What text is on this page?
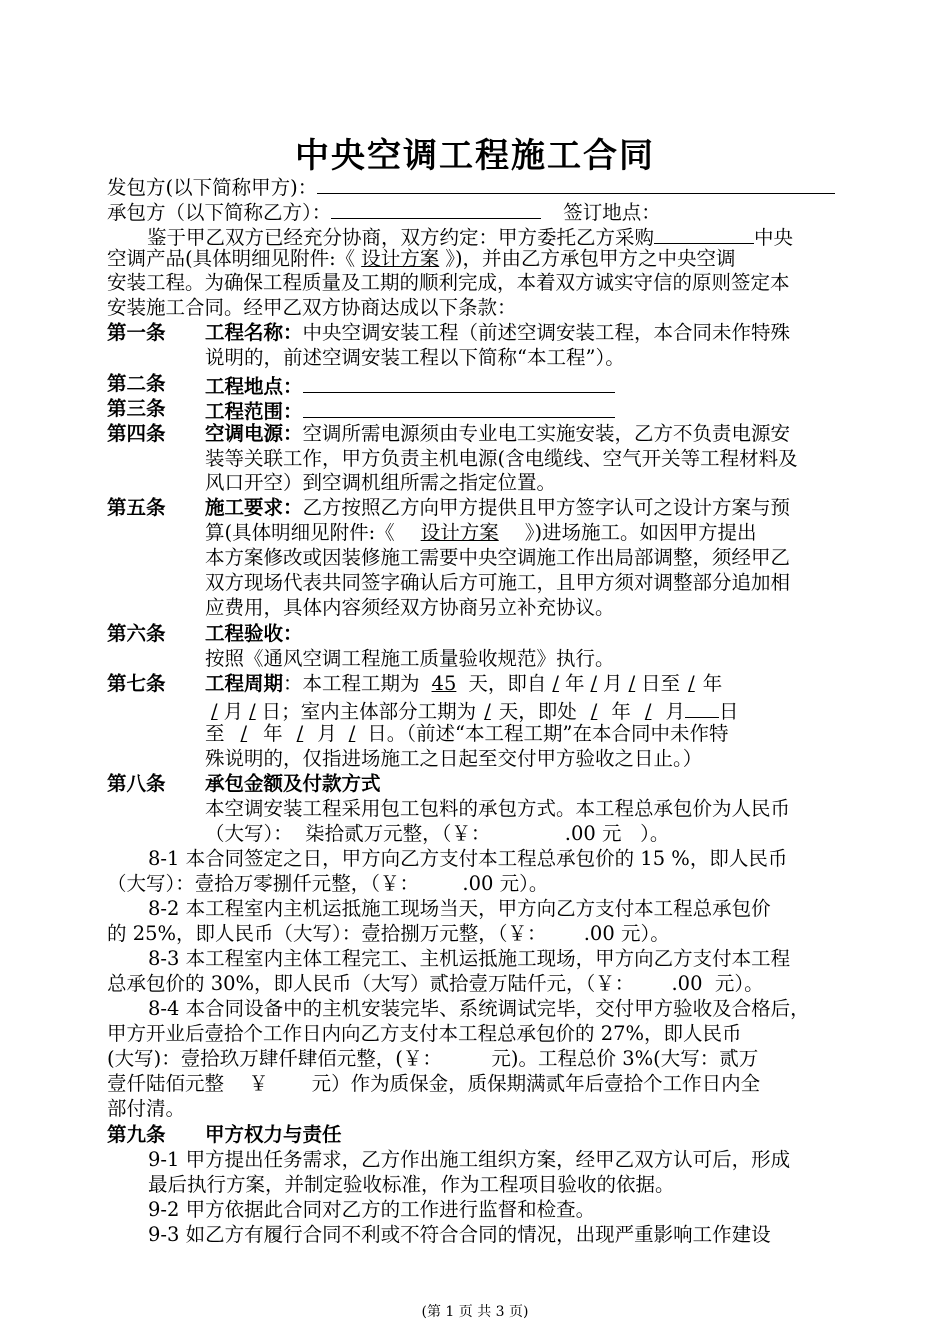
中央空调工程施工合同
发包方(以下简称甲方)：
承包方（以下简称乙方）：	签订地点：
鉴于甲乙双方已经充分协商，双方约定：甲方委托乙方采购	中央
空调产品(具体明细见附件:《 设计方案 》)，并由乙方承包甲方之中央空调
安装工程。为确保工程质量及工期的顺利完成，本着双方诚实守信的原则签定本
安装施工合同。经甲乙双方协商达成以下条款：
第一条 工程名称：中央空调安装工程（前述空调安装工程，本合同未作特殊
说明的，前述空调安装工程以下简称“本工程”）。
第二条 工程地点：
第三条 工程范围：
第四条 空调电源：空调所需电源须由专业电工实施安装，乙方不负责电源安
装等关联工作，甲方负责主机电源(含电缆线、空气开关等工程材料及
风口开空）到空调机组所需之指定位置。
第五条 施工要求：乙方按照乙方向甲方提供且甲方签字认可之设计方案与预
算(具体明细见附件:《 设计方案 》)进场施工。如因甲方提出
本方案修改或因装修施工需要中央空调施工作出局部调整，须经甲乙
双方现场代表共同签字确认后方可施工，且甲方须对调整部分追加相
应费用，具体内容须经双方协商另立补充协议。
第六条 工程验收：
按照《通风空调工程施工质量验收规范》执行。
第七条 工程周期：本工程工期为 45 天，即自 / 年 / 月 / 日至 / 年
/ 月 / 日；室内主体部分工期为 / 天，即处 / 年 / 月 日
至 / 年 / 月 / 日。（前述“本工程工期”在本合同中未作特
殊说明的，仅指进场施工之日起至交付甲方验收之日止。）
第八条 承包金额及付款方式
本空调安装工程采用包工包料的承包方式。本工程总承包价为人民币
（大写）：  柒拾贰万元整，（￥：            .00 元   ）。
8-1 本合同签定之日，甲方向乙方支付本工程总承包价的 15 %，即人民币
（大写）：壹拾万零捌仟元整，（￥：       .00 元）。
8-2 本工程室内主机运抵施工现场当天，甲方向乙方支付本工程总承包价
的 25%，即人民币（大写）：壹拾捌万元整，（￥：      .00 元）。
8-3 本工程室内主体工程完工、主机运抵施工现场，甲方向乙方支付本工程
总承包价的 30%，即人民币（大写）贰拾壹万陆仟元，（￥：      .00  元）。
8-4 本合同设备中的主机安装完毕、系统调试完毕，交付甲方验收及合格后，
甲方开业后壹拾个工作日内向乙方支付本工程总承包价的 27%，即人民币
(大写)：壹拾玖万肆仟肆佰元整，(￥：        元)。工程总价 3%(大写：贰万
壹仟陆佰元整    ￥       元）作为质保金，质保期满贰年后壹拾个工作日内全
部付清。
第九条 甲方权力与责任
9-1 甲方提出任务需求，乙方作出施工组织方案，经甲乙双方认可后，形成
最后执行方案，并制定验收标准，作为工程项目验收的依据。
9-2 甲方依据此合同对乙方的工作进行监督和检查。
9-3 如乙方有履行合同不利或不符合合同的情况，出现严重影响工作建设
(第 1 页 共 3 页)
